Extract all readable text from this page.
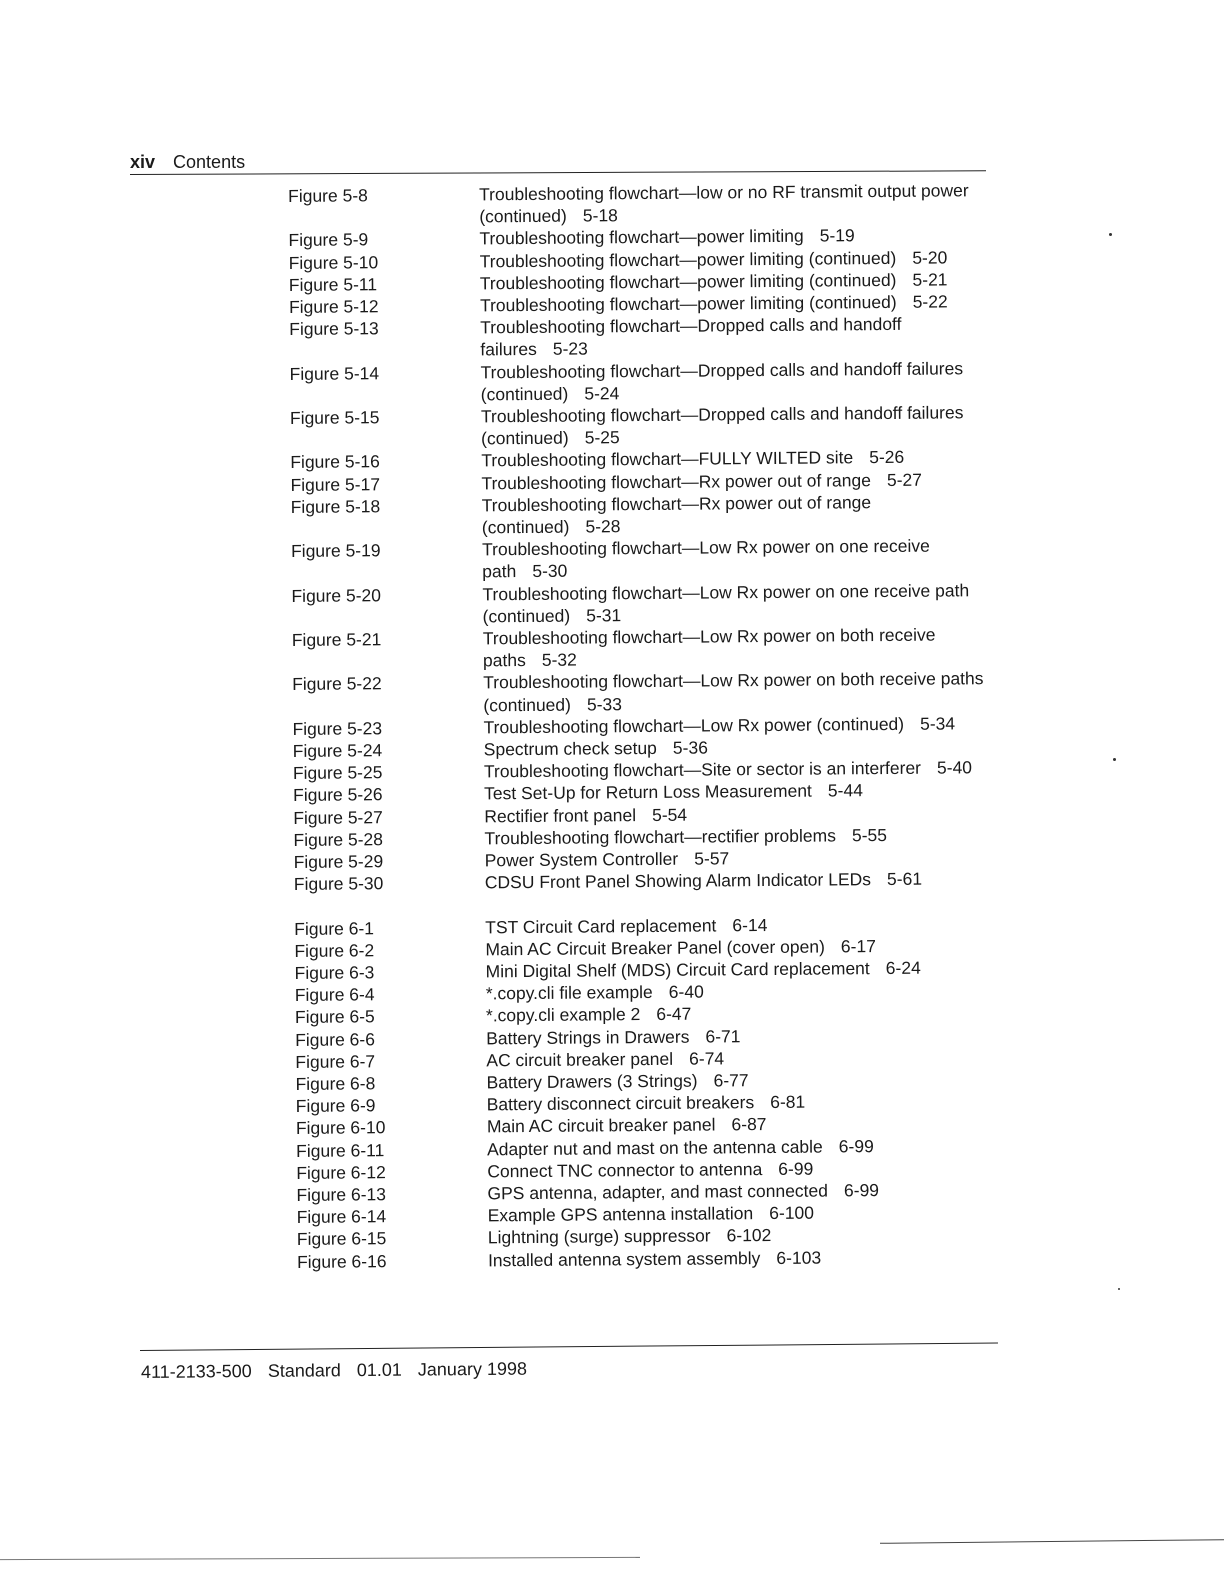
xiv Contents
Figure 5-8	Troubleshooting flowchart—low or no RF transmit output power (continued) 5-18
Figure 5-9	Troubleshooting flowchart—power limiting 5-19
Figure 5-10	Troubleshooting flowchart—power limiting (continued) 5-20
Figure 5-11	Troubleshooting flowchart—power limiting (continued) 5-21
Figure 5-12	Troubleshooting flowchart—power limiting (continued) 5-22
Figure 5-13	Troubleshooting flowchart—Dropped calls and handoff failures 5-23
Figure 5-14	Troubleshooting flowchart—Dropped calls and handoff failures (continued) 5-24
Figure 5-15	Troubleshooting flowchart—Dropped calls and handoff failures (continued) 5-25
Figure 5-16	Troubleshooting flowchart—FULLY WILTED site 5-26
Figure 5-17	Troubleshooting flowchart—Rx power out of range 5-27
Figure 5-18	Troubleshooting flowchart—Rx power out of range (continued) 5-28
Figure 5-19	Troubleshooting flowchart—Low Rx power on one receive path 5-30
Figure 5-20	Troubleshooting flowchart—Low Rx power on one receive path (continued) 5-31
Figure 5-21	Troubleshooting flowchart—Low Rx power on both receive paths 5-32
Figure 5-22	Troubleshooting flowchart—Low Rx power on both receive paths (continued) 5-33
Figure 5-23	Troubleshooting flowchart—Low Rx power (continued) 5-34
Figure 5-24	Spectrum check setup 5-36
Figure 5-25	Troubleshooting flowchart—Site or sector is an interferer 5-40
Figure 5-26	Test Set-Up for Return Loss Measurement 5-44
Figure 5-27	Rectifier front panel 5-54
Figure 5-28	Troubleshooting flowchart—rectifier problems 5-55
Figure 5-29	Power System Controller 5-57
Figure 5-30	CDSU Front Panel Showing Alarm Indicator LEDs 5-61
Figure 6-1	TST Circuit Card replacement 6-14
Figure 6-2	Main AC Circuit Breaker Panel (cover open) 6-17
Figure 6-3	Mini Digital Shelf (MDS) Circuit Card replacement 6-24
Figure 6-4	*.copy.cli file example 6-40
Figure 6-5	*.copy.cli example 2 6-47
Figure 6-6	Battery Strings in Drawers 6-71
Figure 6-7	AC circuit breaker panel 6-74
Figure 6-8	Battery Drawers (3 Strings) 6-77
Figure 6-9	Battery disconnect circuit breakers 6-81
Figure 6-10	Main AC circuit breaker panel 6-87
Figure 6-11	Adapter nut and mast on the antenna cable 6-99
Figure 6-12	Connect TNC connector to antenna 6-99
Figure 6-13	GPS antenna, adapter, and mast connected 6-99
Figure 6-14	Example GPS antenna installation 6-100
Figure 6-15	Lightning (surge) suppressor 6-102
Figure 6-16	Installed antenna system assembly 6-103
411-2133-500 Standard 01.01 January 1998
